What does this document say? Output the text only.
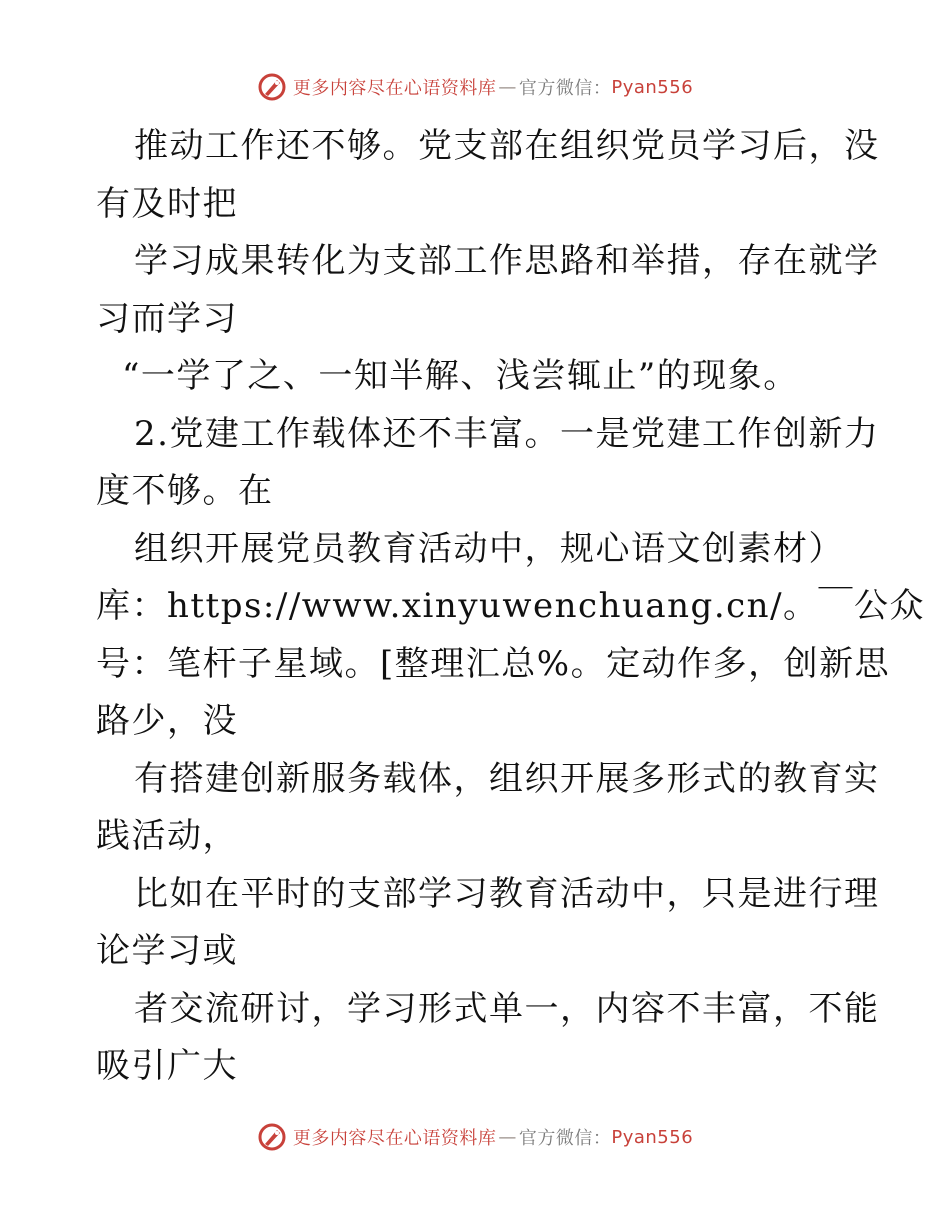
更多内容尽在心语资料库 — 官方微信： Pyan556
推动工作还不够。党支部在组织党员学习后，没
有及时把
学习成果转化为支部工作思路和举措，存在就学
习而学习
“一学了之、一知半解、浅尝辄止”的现象。
2.党建工作载体还不丰富。一是党建工作创新力
度不够。在
组织开展党员教育活动中，规心语文创素材）
库：https://www.xinyuwenchuang.cn/。￣公众
号：笔杆子星域。[整理汇总%。定动作多，创新思
路少，没
有搭建创新服务载体，组织开展多形式的教育实
践活动，
比如在平时的支部学习教育活动中，只是进行理
论学习或
者交流研讨，学习形式单一，内容不丰富，不能
吸引广大
更多内容尽在心语资料库 — 官方微信： Pyan556
